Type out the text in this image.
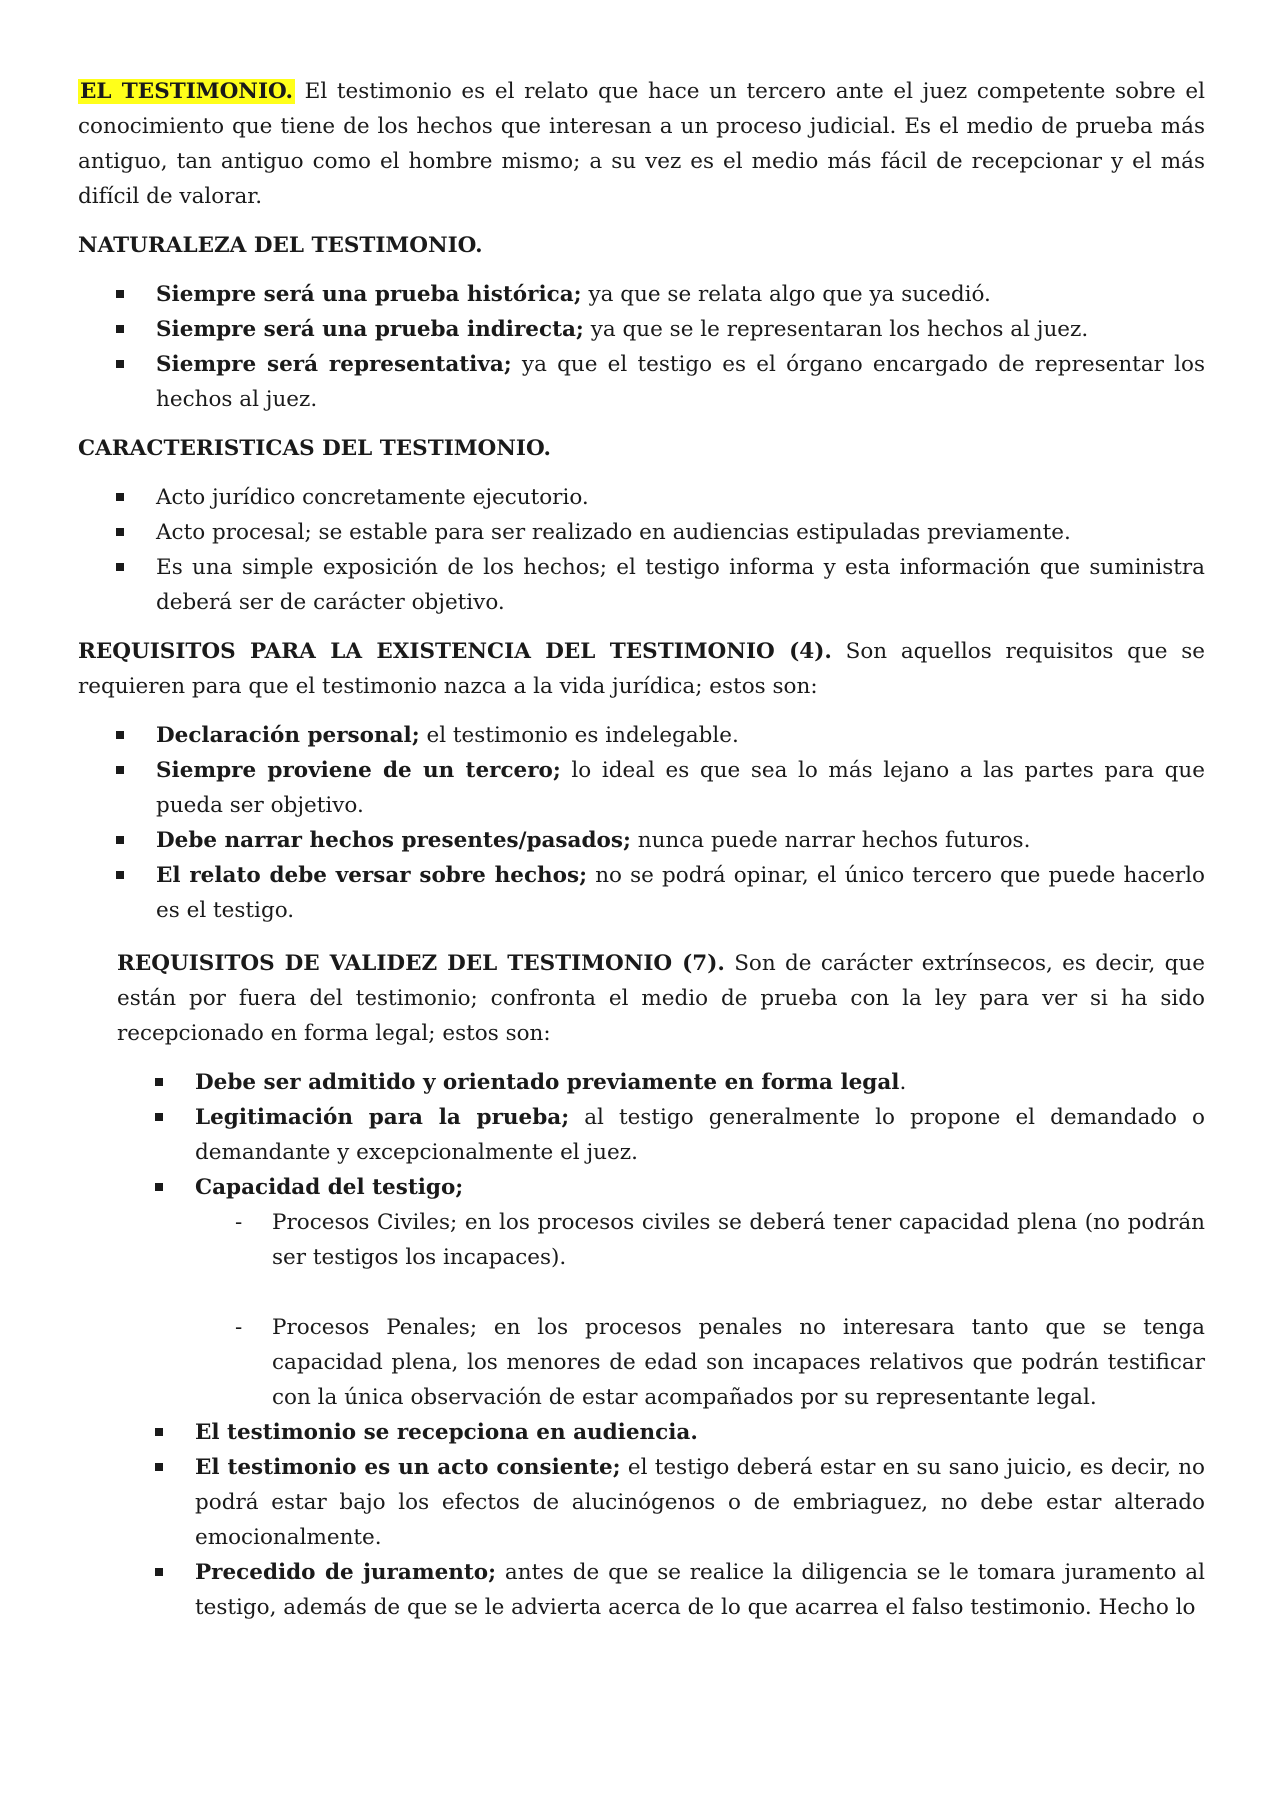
EL TESTIMONIO. El testimonio es el relato que hace un tercero ante el juez competente sobre el conocimiento que tiene de los hechos que interesan a un proceso judicial. Es el medio de prueba más antiguo, tan antiguo como el hombre mismo; a su vez es el medio más fácil de recepcionar y el más difícil de valorar.

NATURALEZA DEL TESTIMONIO.

Siempre será una prueba histórica; ya que se relata algo que ya sucedió.
Siempre será una prueba indirecta; ya que se le representaran los hechos al juez.
Siempre será representativa; ya que el testigo es el órgano encargado de representar los hechos al juez.

CARACTERISTICAS DEL TESTIMONIO.

Acto jurídico concretamente ejecutorio.
Acto procesal; se estable para ser realizado en audiencias estipuladas previamente.
Es una simple exposición de los hechos; el testigo informa y esta información que suministra deberá ser de carácter objetivo.

REQUISITOS PARA LA EXISTENCIA DEL TESTIMONIO (4). Son aquellos requisitos que se requieren para que el testimonio nazca a la vida jurídica; estos son:

Declaración personal; el testimonio es indelegable.
Siempre proviene de un tercero; lo ideal es que sea lo más lejano a las partes para que pueda ser objetivo.
Debe narrar hechos presentes/pasados; nunca puede narrar hechos futuros.
El relato debe versar sobre hechos; no se podrá opinar, el único tercero que puede hacerlo es el testigo.

REQUISITOS DE VALIDEZ DEL TESTIMONIO (7). Son de carácter extrínsecos, es decir, que están por fuera del testimonio; confronta el medio de prueba con la ley para ver si ha sido recepcionado en forma legal; estos son:

Debe ser admitido y orientado previamente en forma legal.
Legitimación para la prueba; al testigo generalmente lo propone el demandado o demandante y excepcionalmente el juez.
Capacidad del testigo;
- Procesos Civiles; en los procesos civiles se deberá tener capacidad plena (no podrán ser testigos los incapaces).
- Procesos Penales; en los procesos penales no interesara tanto que se tenga capacidad plena, los menores de edad son incapaces relativos que podrán testificar con la única observación de estar acompañados por su representante legal.
El testimonio se recepciona en audiencia.
El testimonio es un acto consiente; el testigo deberá estar en su sano juicio, es decir, no podrá estar bajo los efectos de alucinógenos o de embriaguez, no debe estar alterado emocionalmente.
Precedido de juramento; antes de que se realice la diligencia se le tomara juramento al testigo, además de que se le advierta acerca de lo que acarrea el falso testimonio. Hecho lo
